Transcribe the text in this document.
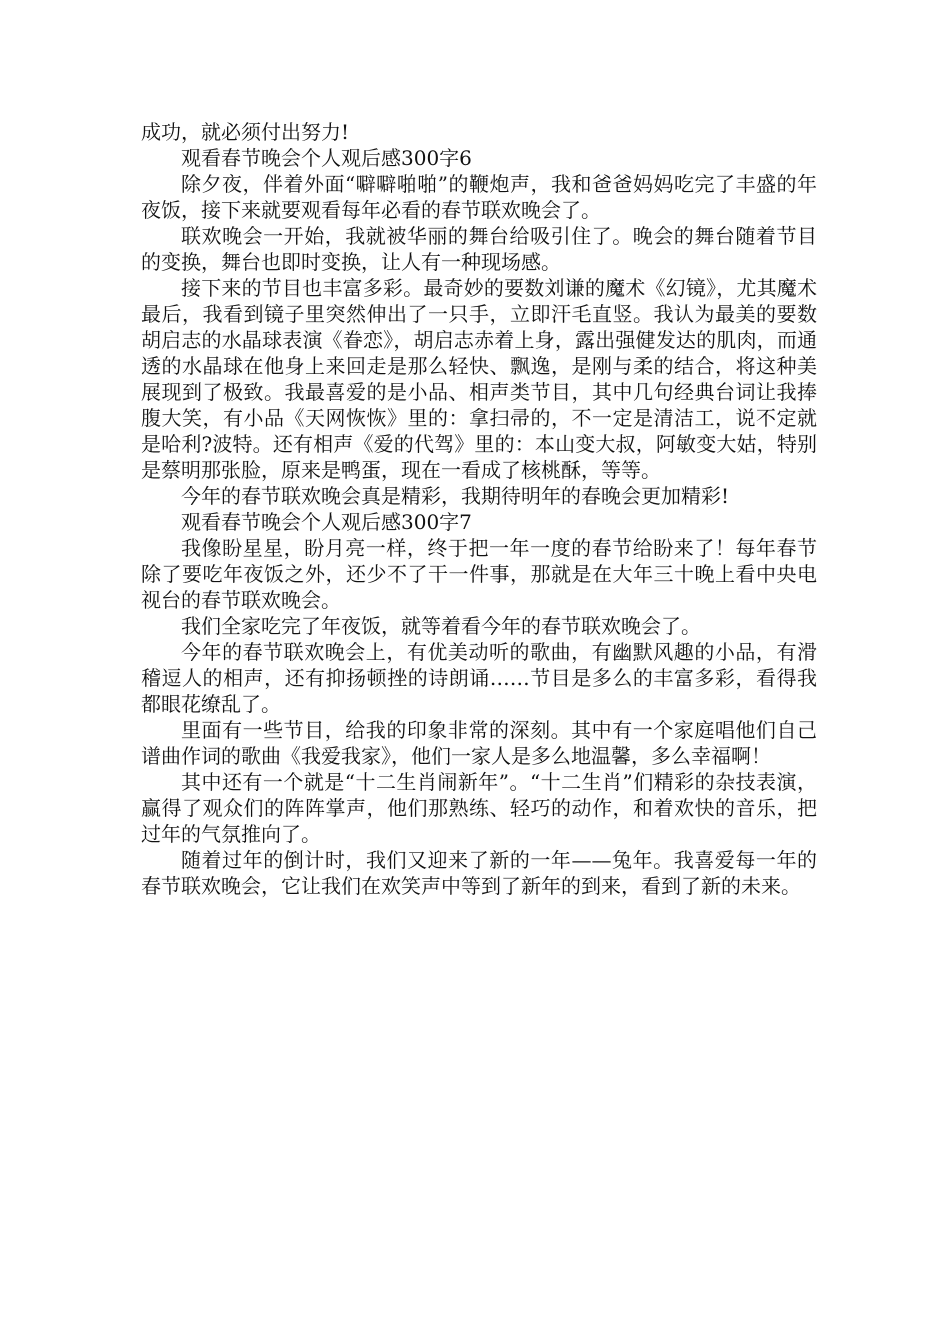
成功，就必须付出努力!

观看春节晚会个人观后感300字6

除夕夜，伴着外面“噼噼啪啪”的鞭炮声，我和爸爸妈妈吃完了丰盛的年夜饭，接下来就要观看每年必看的春节联欢晚会了。

联欢晚会一开始，我就被华丽的舞台给吸引住了。晚会的舞台随着节目的变换，舞台也即时变换，让人有一种现场感。

接下来的节目也丰富多彩。最奇妙的要数刘谦的魔术《幻镜》，尤其魔术最后，我看到镜子里突然伸出了一只手，立即汗毛直竖。我认为最美的要数胡启志的水晶球表演《眷恋》，胡启志赤着上身，露出强健发达的肌肉，而通透的水晶球在他身上来回走是那么轻快、飘逸，是刚与柔的结合，将这种美展现到了极致。我最喜爱的是小品、相声类节目，其中几句经典台词让我捧腹大笑，有小品《天网恢恢》里的：拿扫帚的，不一定是清洁工，说不定就是哈利?波特。还有相声《爱的代驾》里的：本山变大叔，阿敏变大姑，特别是蔡明那张脸，原来是鸭蛋，现在一看成了核桃酥，等等。

今年的春节联欢晚会真是精彩，我期待明年的春晚会更加精彩!

观看春节晚会个人观后感300字7

我像盼星星，盼月亮一样，终于把一年一度的春节给盼来了！每年春节除了要吃年夜饭之外，还少不了干一件事，那就是在大年三十晚上看中央电视台的春节联欢晚会。

我们全家吃完了年夜饭，就等着看今年的春节联欢晚会了。

今年的春节联欢晚会上，有优美动听的歌曲，有幽默风趣的小品，有滑稽逗人的相声，还有抑扬顿挫的诗朗诵……节目是多么的丰富多彩，看得我都眼花缭乱了。

里面有一些节目，给我的印象非常的深刻。其中有一个家庭唱他们自己谱曲作词的歌曲《我爱我家》，他们一家人是多么地温馨，多么幸福啊！

其中还有一个就是“十二生肖闹新年”。“十二生肖”们精彩的杂技表演，赢得了观众们的阵阵掌声，他们那熟练、轻巧的动作，和着欢快的音乐，把过年的气氛推向了。

随着过年的倒计时，我们又迎来了新的一年——兔年。我喜爱每一年的春节联欢晚会，它让我们在欢笑声中等到了新年的到来，看到了新的未来。
